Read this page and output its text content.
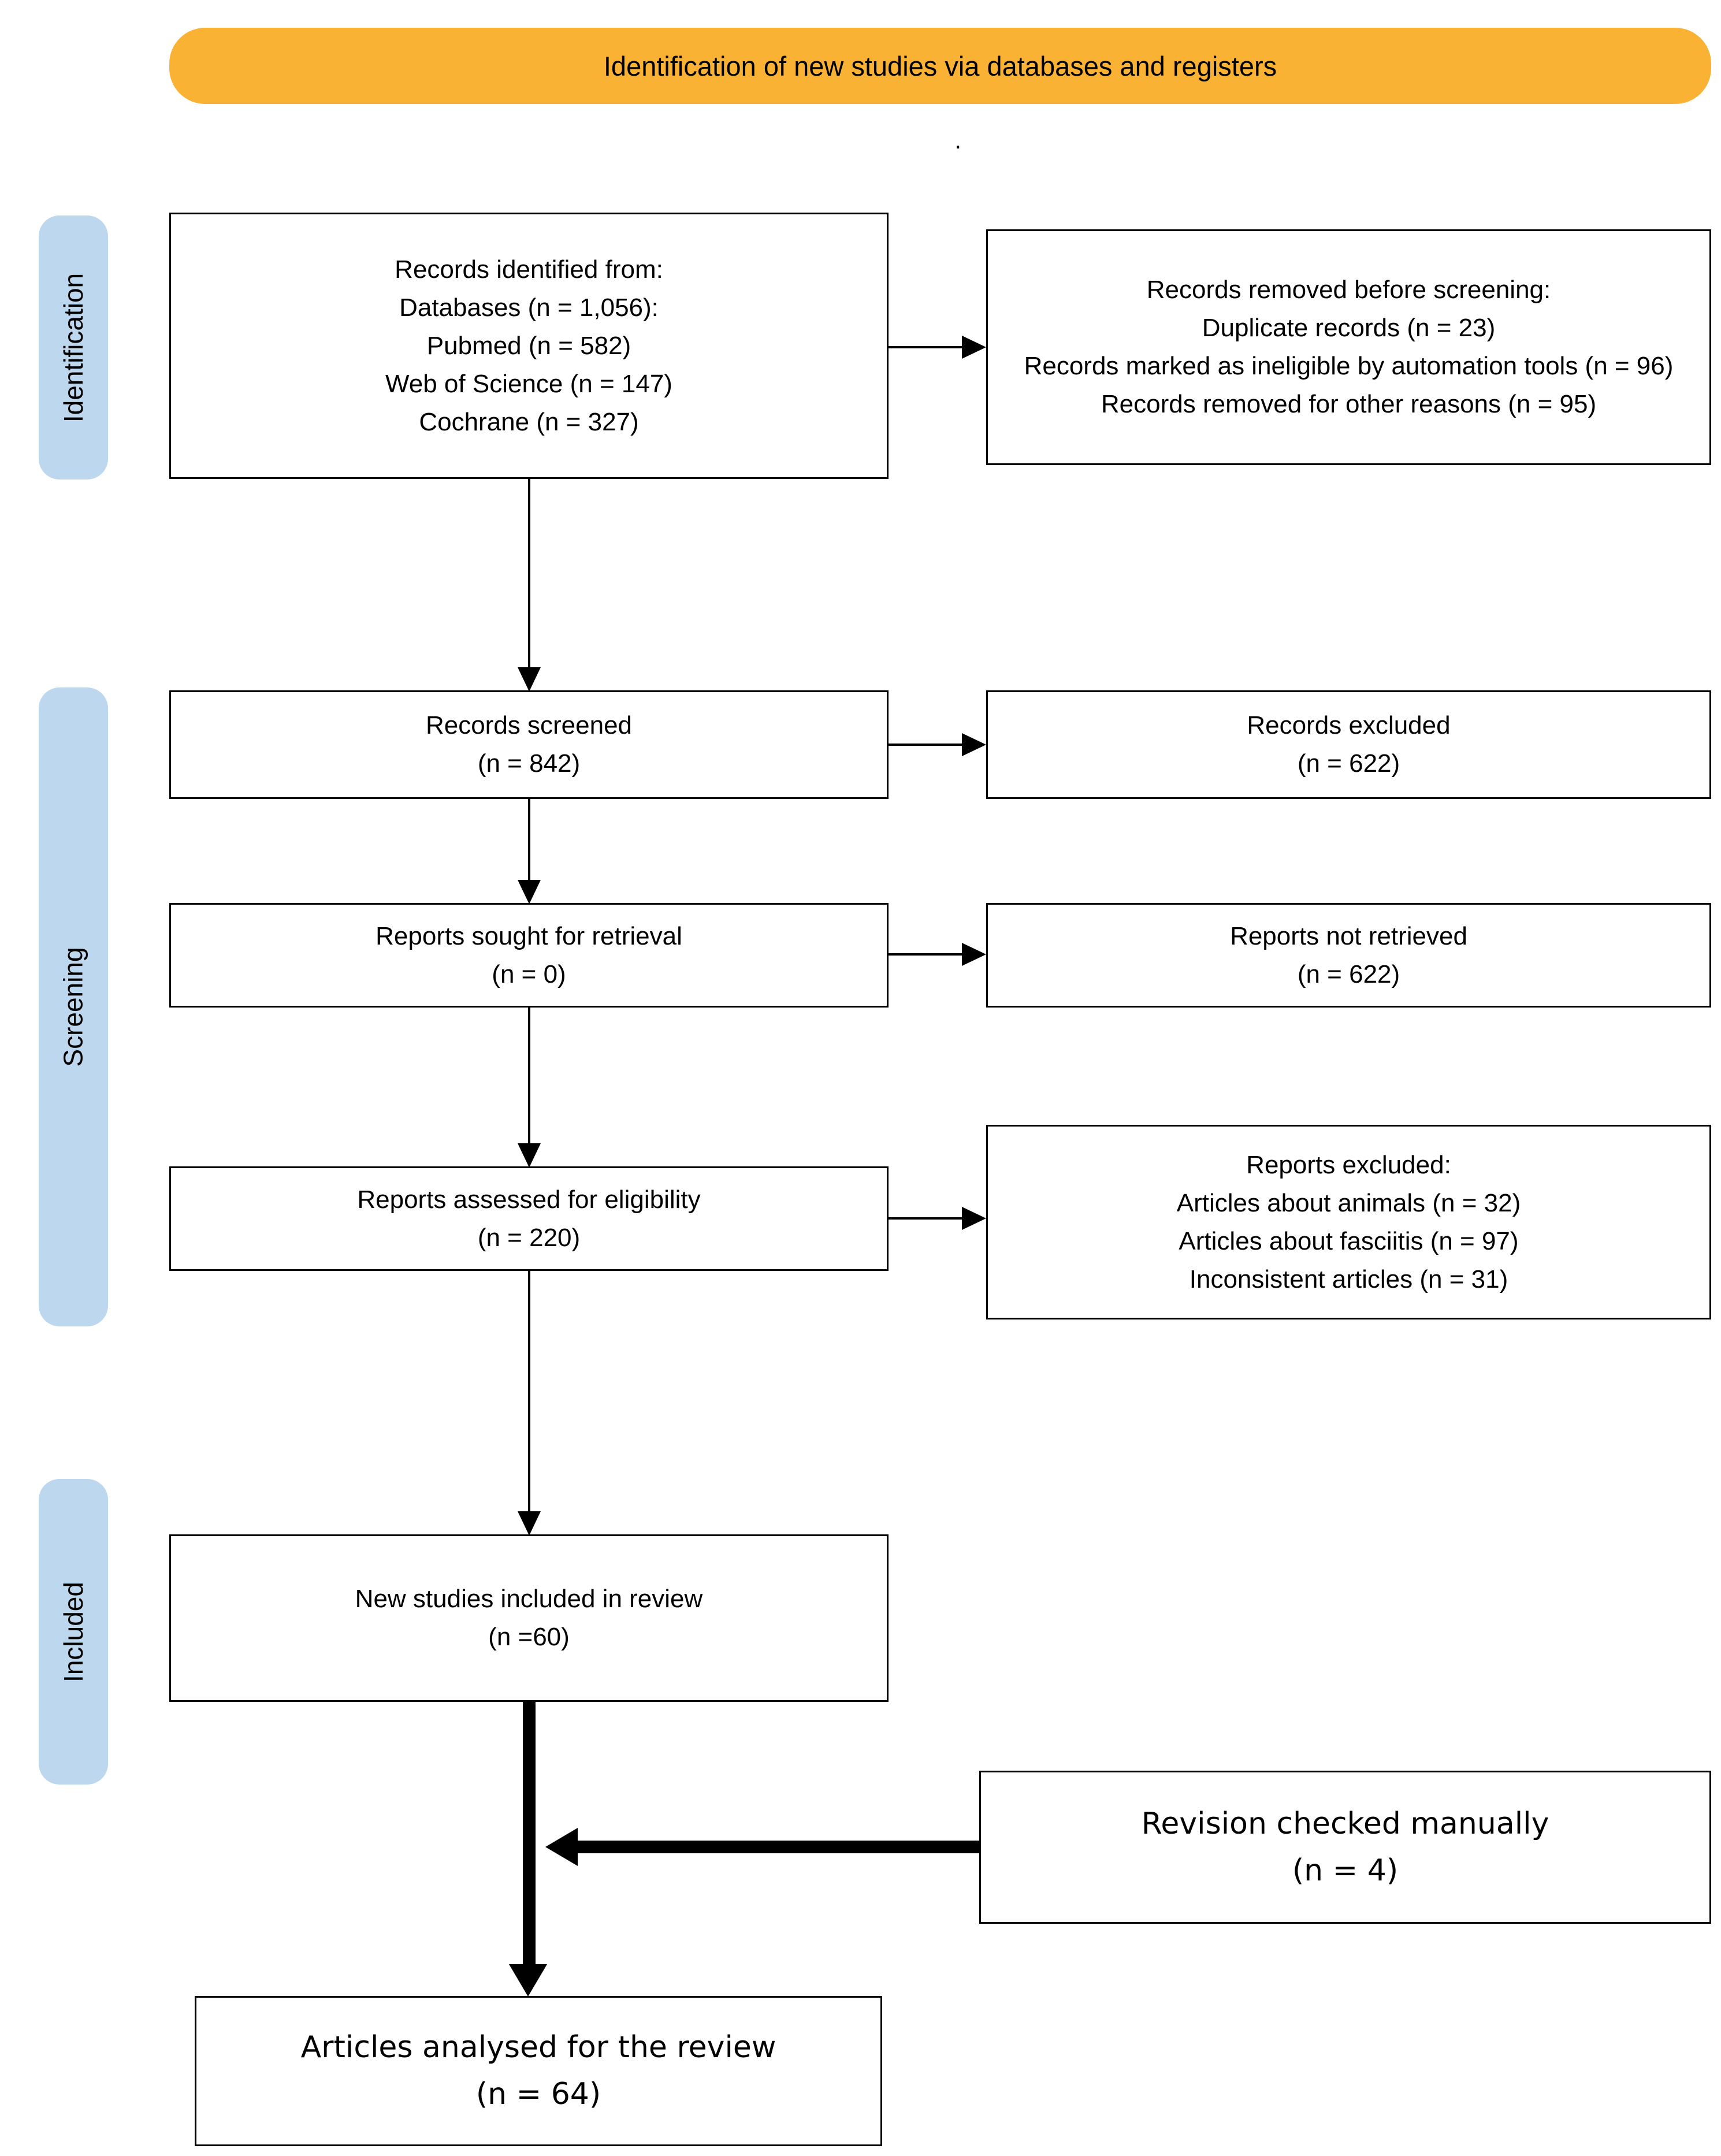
Identification of new studies via databases and registers
.
Identification
Screening
Included
Records identified from:
Databases (n = 1,056):
Pubmed (n = 582)
Web of Science (n = 147)
Cochrane (n = 327)
Records removed before screening:
Duplicate records (n = 23)
Records marked as ineligible by automation tools (n = 96)
Records removed for other reasons (n = 95)
Records screened
(n = 842)
Records excluded
(n = 622)
Reports sought for retrieval
(n = 0)
Reports not retrieved
(n = 622)
Reports assessed for eligibility
(n = 220)
Reports excluded:
Articles about animals (n = 32)
Articles about fasciitis (n = 97)
Inconsistent articles (n = 31)
New studies included in review
(n =60)
Revision checked manually
(n = 4)
Articles analysed for the review
(n = 64)
